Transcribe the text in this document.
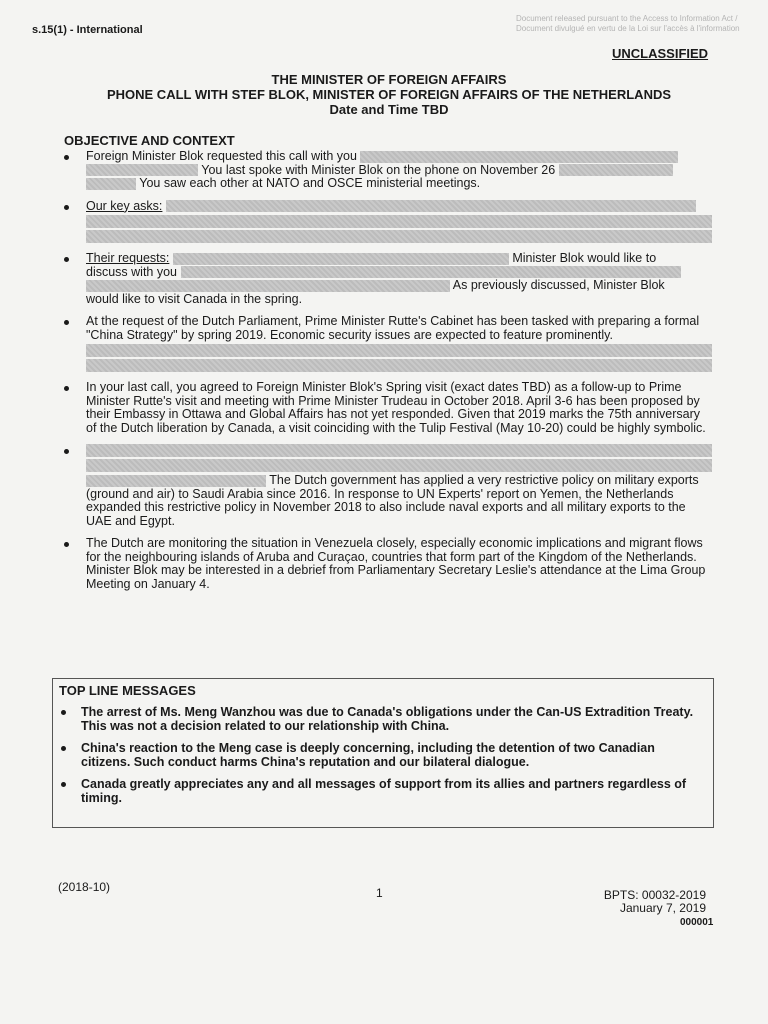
s.15(1) - International
Document released pursuant to the Access to Information Act / Document divulgué en vertu de la Loi sur l'accès à l'information
UNCLASSIFIED
THE MINISTER OF FOREIGN AFFAIRS
PHONE CALL WITH STEF BLOK, MINISTER OF FOREIGN AFFAIRS OF THE NETHERLANDS
Date and Time TBD
OBJECTIVE AND CONTEXT
Foreign Minister Blok requested this call with you
You last spoke with Minister Blok on the phone on November 26
You saw each other at NATO and OSCE ministerial meetings.
Our key asks:
Their requests:	Minister Blok would like to
discuss with you
As previously discussed, Minister Blok
would like to visit Canada in the spring.
At the request of the Dutch Parliament, Prime Minister Rutte's Cabinet has been tasked with preparing a formal "China Strategy" by spring 2019. Economic security issues are expected to feature prominently.
In your last call, you agreed to Foreign Minister Blok's Spring visit (exact dates TBD) as a follow-up to Prime Minister Rutte's visit and meeting with Prime Minister Trudeau in October 2018. April 3-6 has been proposed by their Embassy in Ottawa and Global Affairs has not yet responded. Given that 2019 marks the 75th anniversary of the Dutch liberation by Canada, a visit coinciding with the Tulip Festival (May 10-20) could be highly symbolic.
The Dutch government has applied a very restrictive policy on military exports (ground and air) to Saudi Arabia since 2016. In response to UN Experts' report on Yemen, the Netherlands expanded this restrictive policy in November 2018 to also include naval exports and all military exports to the UAE and Egypt.
The Dutch are monitoring the situation in Venezuela closely, especially economic implications and migrant flows for the neighbouring islands of Aruba and Curaçao, countries that form part of the Kingdom of the Netherlands. Minister Blok may be interested in a debrief from Parliamentary Secretary Leslie's attendance at the Lima Group Meeting on January 4.
TOP LINE MESSAGES
The arrest of Ms. Meng Wanzhou was due to Canada's obligations under the Can-US Extradition Treaty. This was not a decision related to our relationship with China.
China's reaction to the Meng case is deeply concerning, including the detention of two Canadian citizens. Such conduct harms China's reputation and our bilateral dialogue.
Canada greatly appreciates any and all messages of support from its allies and partners regardless of timing.
(2018-10)	1	BPTS: 00032-2019
January 7, 2019
000001
